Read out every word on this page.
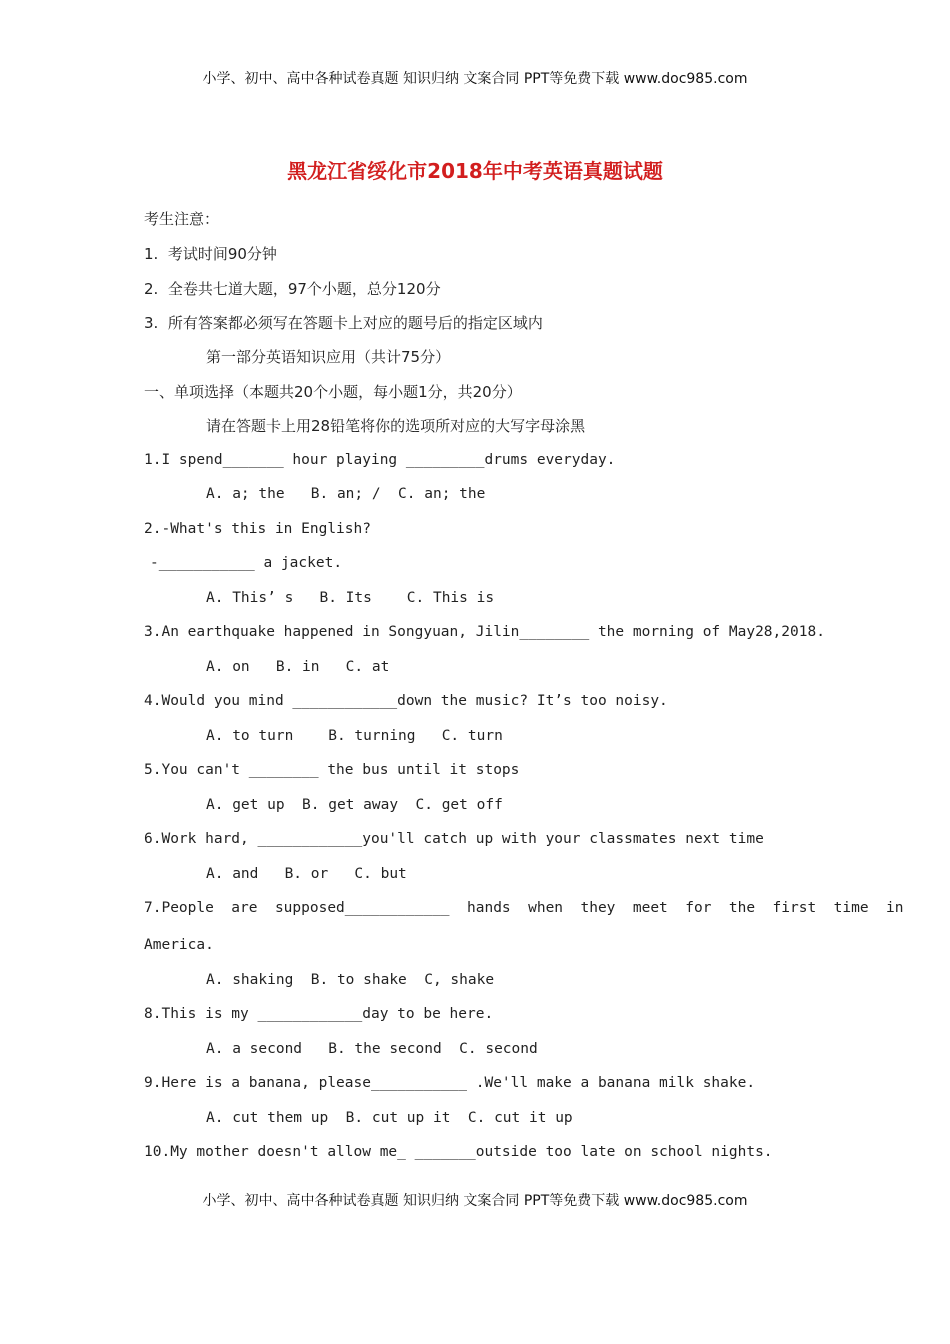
小学、初中、高中各种试卷真题 知识归纳 文案合同 PPT等免费下载 www.doc985.com
黑龙江省绥化市2018年中考英语真题试题
考生注意：
1.  考试时间90分钟
2.  全卷共七道大题，97个小题，总分120分
3.  所有答案都必须写在答题卡上对应的题号后的指定区域内
第一部分英语知识应用（共计75分）
一、单项选择（本题共20个小题，每小题1分，共20分）
请在答题卡上用28铅笔将你的选项所对应的大写字母涂黑
1.I spend_______ hour playing _________drums everyday.
A. a; the   B. an; /  C. an; the
2.-What's this in English?
-___________ a jacket.
A. This’ s   B. Its    C. This is
3.An earthquake happened in Songyuan, Jilin________ the morning of May28,2018.
A. on   B. in   C. at
4.Would you mind ____________down the music? It’s too noisy.
A. to turn    B. turning   C. turn
5.You can't ________ the bus until it stops
A. get up  B. get away  C. get off
6.Work hard, ____________you'll catch up with your classmates next time
A. and   B. or   C. but
7.People  are  supposed____________  hands  when  they  meet  for  the  first  time  in
America.
A. shaking  B. to shake  C, shake
8.This is my ____________day to be here.
A. a second   B. the second  C. second
9.Here is a banana, please___________ .We'll make a banana milk shake.
A. cut them up  B. cut up it  C. cut it up
10.My mother doesn't allow me_ _______outside too late on school nights.
小学、初中、高中各种试卷真题 知识归纳 文案合同 PPT等免费下载 www.doc985.com
